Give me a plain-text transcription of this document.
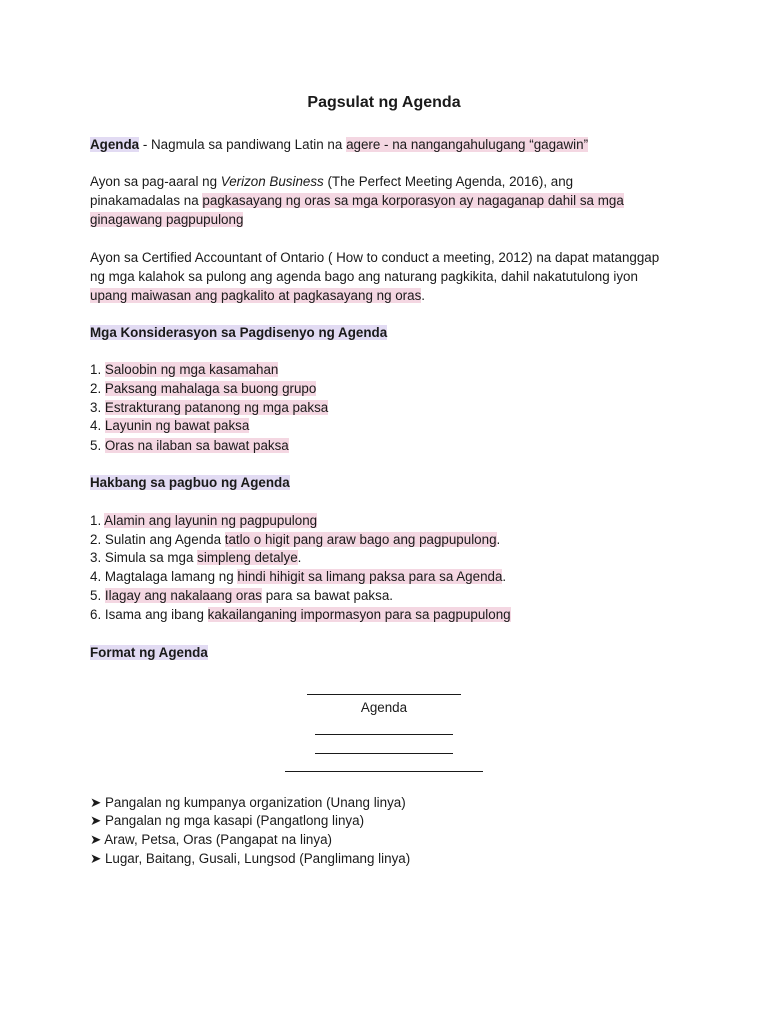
Pagsulat ng Agenda
Agenda - Nagmula sa pandiwang Latin na agere - na nangangahulugang “gagawin”
Ayon sa pag-aaral ng Verizon Business (The Perfect Meeting Agenda, 2016), ang
pinakamadalas na pagkasayang ng oras sa mga korporasyon ay nagaganap dahil sa mga
ginagawang pagpupulong
Ayon sa Certified Accountant of Ontario ( How to conduct a meeting, 2012) na dapat matanggap
ng mga kalahok sa pulong ang agenda bago ang naturang pagkikita, dahil nakatutulong iyon
upang maiwasan ang pagkalito at pagkasayang ng oras.
Mga Konsiderasyon sa Pagdisenyo ng Agenda
1. Saloobin ng mga kasamahan
2. Paksang mahalaga sa buong grupo
3. Estrakturang patanong ng mga paksa
4. Layunin ng bawat paksa
5. Oras na ilaban sa bawat paksa
Hakbang sa pagbuo ng Agenda
1. Alamin ang layunin ng pagpupulong
2. Sulatin ang Agenda tatlo o higit pang araw bago ang pagpupulong.
3. Simula sa mga simpleng detalye.
4. Magtalaga lamang ng hindi hihigit sa limang paksa para sa Agenda.
5. Ilagay ang nakalaang oras para sa bawat paksa.
6. Isama ang ibang kakailanganing impormasyon para sa pagpupulong
Format ng Agenda
Agenda
➤ Pangalan ng kumpanya organization (Unang linya)
➤ Pangalan ng mga kasapi (Pangatlong linya)
➤ Araw, Petsa, Oras (Pangapat na linya)
➤ Lugar, Baitang, Gusali, Lungsod (Panglimang linya)
